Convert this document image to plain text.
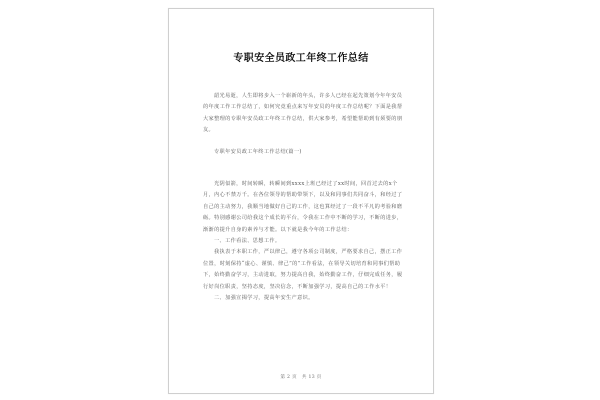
专职安全员政工年终工作总结

韶光易逝，人生即将步入一个崭新的年头，许多人已经在起先策划今年年安员的年度工作工作总结了，如何究竟重点来写年安员的年度工作总结呢？下面是我帮大家整理的专职年安员政工年终工作总结，供大家参考，希望能帮助到有须要的朋友。

专职年安员政工年终工作总结(篇一)

光阴似箭，时间转瞬，转瞬间到xxxx上班已经过了xx时间，回首过去的x个月，内心不禁万千。在各位领导的帮助带领下，以及和同事们共同奋斗，和经过了自己的主动努力，我顺当地做好自己的工作，这也算经过了一段不平凡的考验和磨砺。特别感谢公司给我这个成长的平台，令我在工作中不断的学习，不断的进步，渐渐的提升自身的素养与才能。以下就是我今年的工作总结：

一、工作看法、思想工作。

我执表于本职工作，严以律己，遵守各项公司制度，严格要求自己，摆正工作位置，时刻保持“虚心、谨慎、律己”的”工作看法，在领导关切培育和同事们帮助下，始终勤奋学习，主动进取，努力提高自我，始终勤奋工作，仔细完成任务，履行好岗位职责，坚持态度，坚决信念，不断加强学习，提高自己的工作水平！

二、加强宣揭学习，提高年安生产意识。

第 2 页　共 13 页
